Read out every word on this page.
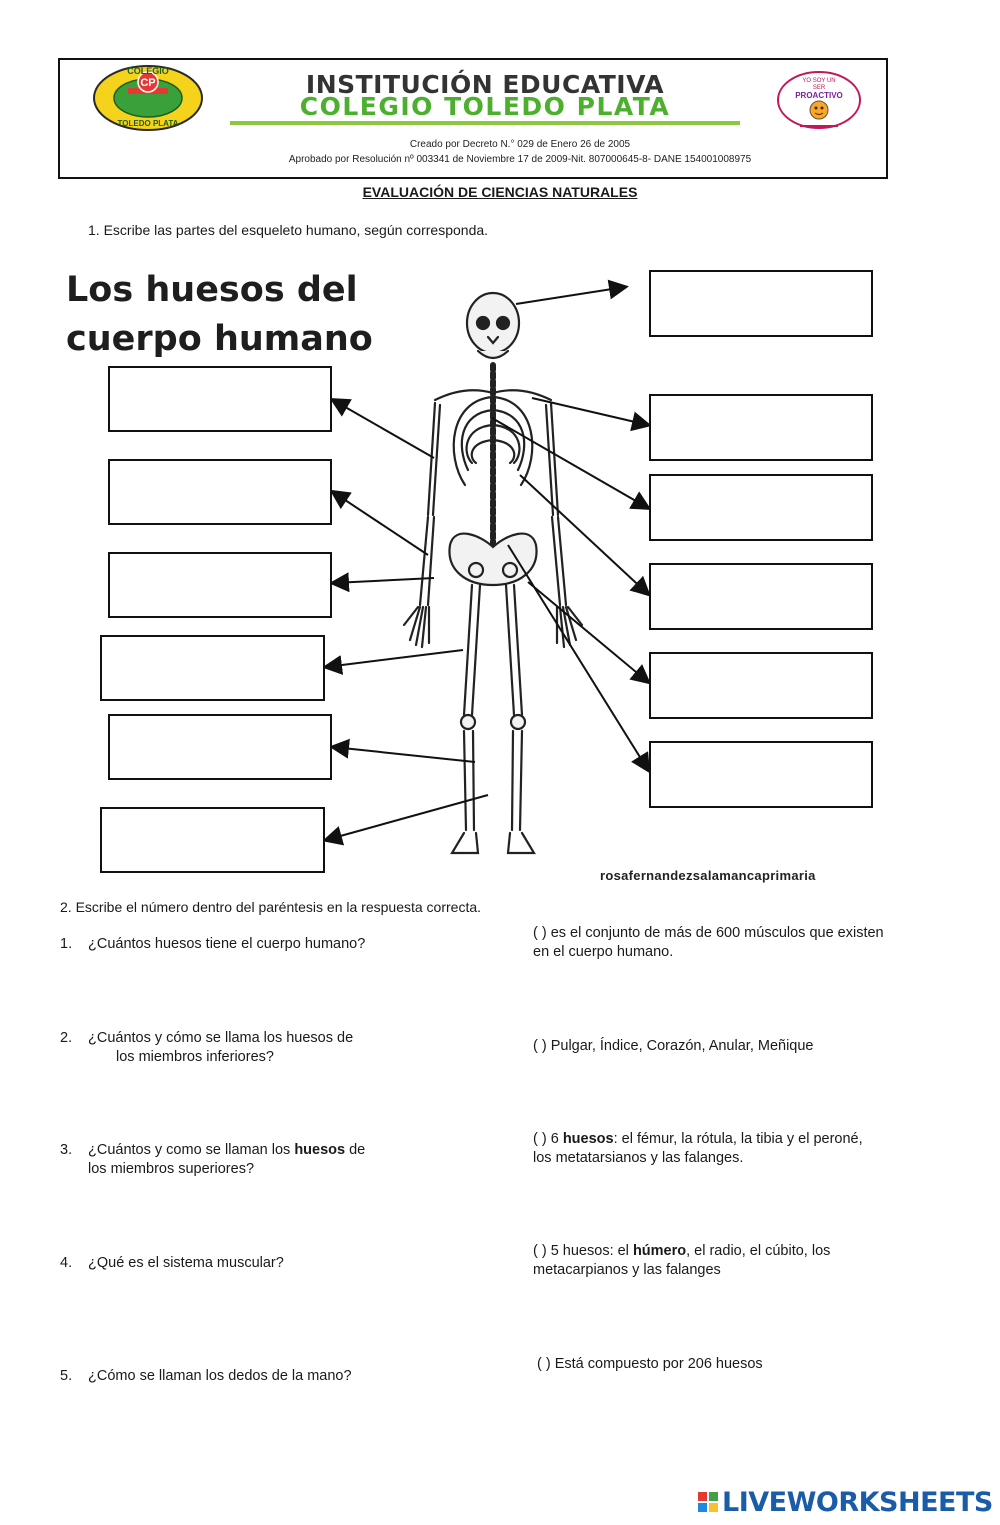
CP
COLEGIO
TOLEDO PLATA
INSTITUCIÓN EDUCATIVA
COLEGIO TOLEDO PLATA
YO SOY UN
SER
PROACTIVO
Creado por Decreto N.° 029 de Enero 26 de 2005
Aprobado por Resolución nº 003341 de Noviembre 17 de 2009-Nit. 807000645-8- DANE 154001008975
EVALUACIÓN DE CIENCIAS NATURALES
1. Escribe las partes del esqueleto humano, según corresponda.
Los huesos del
cuerpo humano
rosafernandezsalamancaprimaria
2. Escribe el número dentro del paréntesis en la respuesta correcta.
1. ¿Cuántos huesos tiene el cuerpo humano?
2. ¿Cuántos y cómo se llama los huesos de
los miembros inferiores?
3. ¿Cuántos y como se llaman los huesos de
los miembros superiores?
4. ¿Qué es el sistema muscular?
5. ¿Cómo se llaman los dedos de la mano?
( ) es el conjunto de más de 600 músculos que existen
en el cuerpo humano.
( ) Pulgar, Índice, Corazón, Anular, Meñique
( ) 6 huesos: el fémur, la rótula, la tibia y el peroné,
los metatarsianos y las falanges.
( ) 5 huesos: el húmero, el radio, el cúbito, los
metacarpianos y las falanges
( ) Está compuesto por 206 huesos
LIVEWORKSHEETS
